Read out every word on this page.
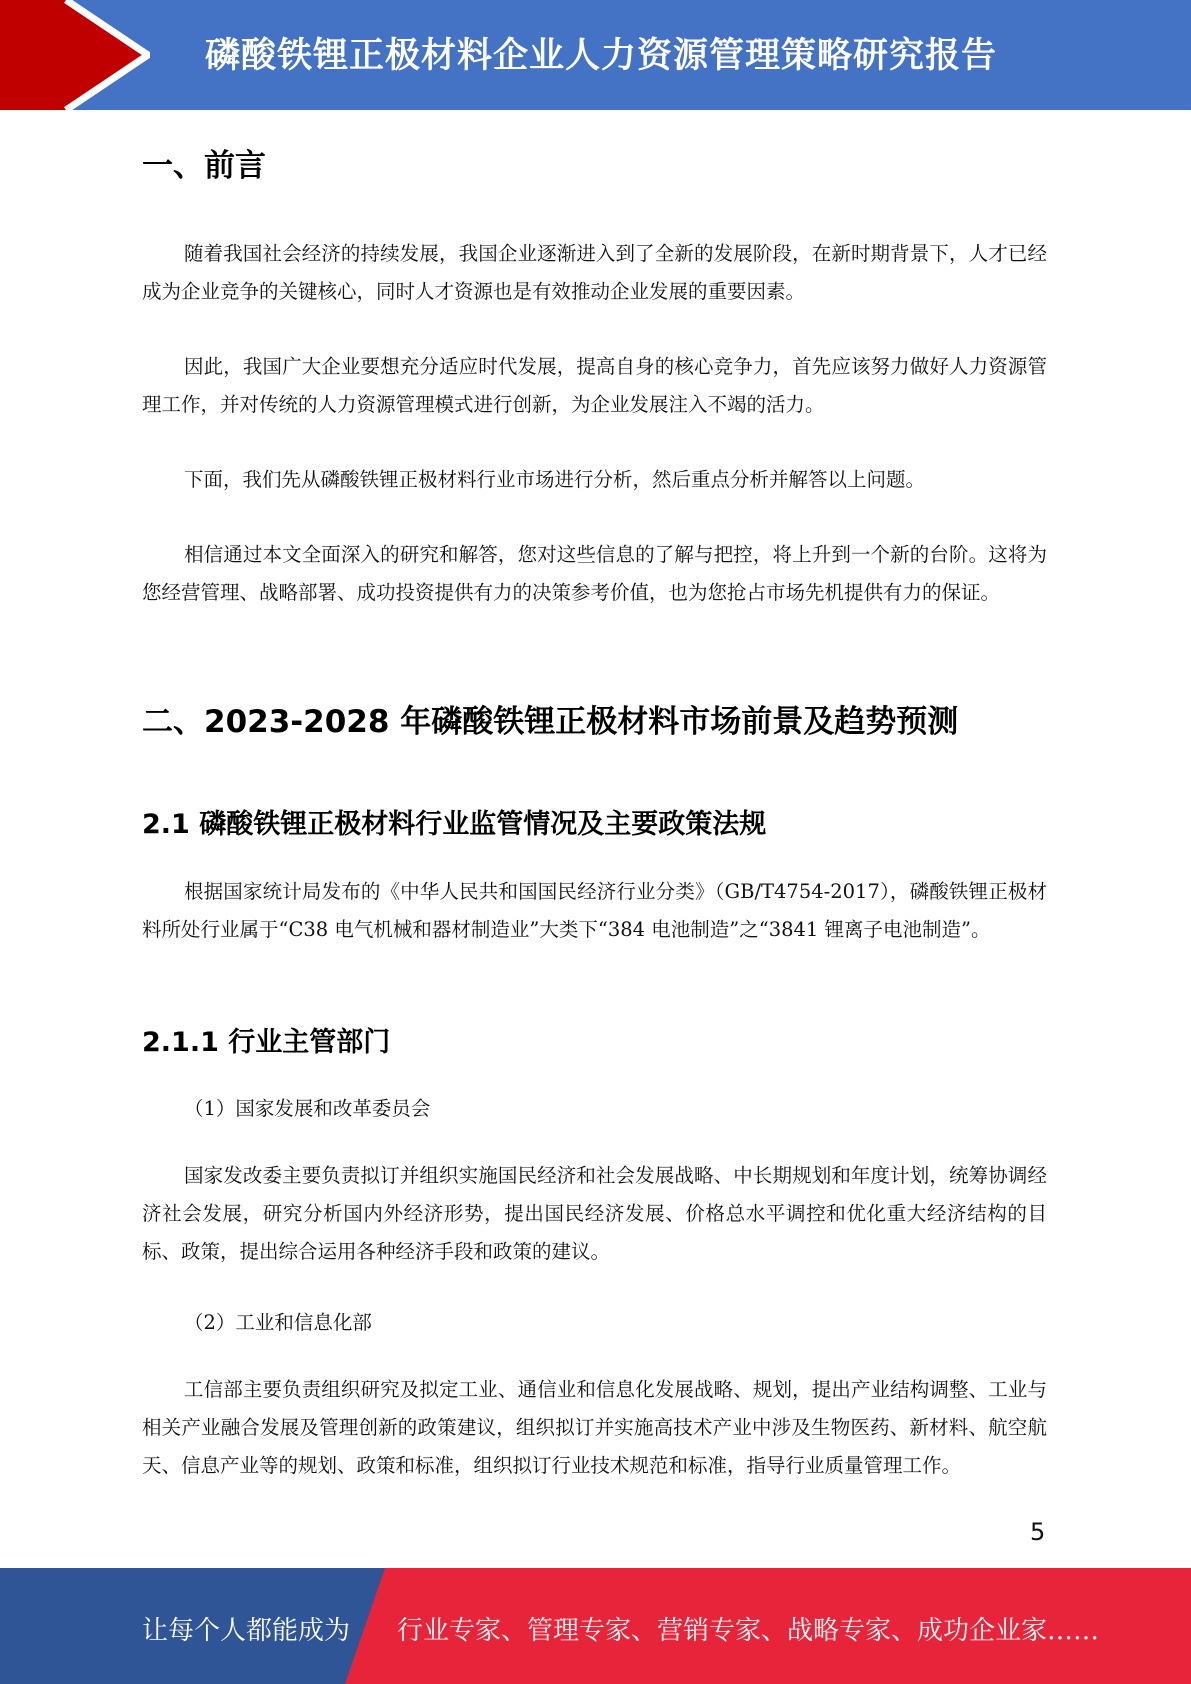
磷酸铁锂正极材料企业人力资源管理策略研究报告
一、前言

随着我国社会经济的持续发展，我国企业逐渐进入到了全新的发展阶段，在新时期背景下，人才已经成为企业竞争的关键核心，同时人才资源也是有效推动企业发展的重要因素。

因此，我国广大企业要想充分适应时代发展，提高自身的核心竞争力，首先应该努力做好人力资源管理工作，并对传统的人力资源管理模式进行创新，为企业发展注入不竭的活力。

下面，我们先从磷酸铁锂正极材料行业市场进行分析，然后重点分析并解答以上问题。

相信通过本文全面深入的研究和解答，您对这些信息的了解与把控，将上升到一个新的台阶。这将为您经营管理、战略部署、成功投资提供有力的决策参考价值，也为您抢占市场先机提供有力的保证。

二、2023-2028 年磷酸铁锂正极材料市场前景及趋势预测
2.1 磷酸铁锂正极材料行业监管情况及主要政策法规

根据国家统计局发布的《中华人民共和国国民经济行业分类》（GB/T4754-2017），磷酸铁锂正极材料所处行业属于“C38 电气机械和器材制造业”大类下“384 电池制造”之“3841 锂离子电池制造”。

2.1.1 行业主管部门

（1）国家发展和改革委员会

国家发改委主要负责拟订并组织实施国民经济和社会发展战略、中长期规划和年度计划，统筹协调经济社会发展，研究分析国内外经济形势，提出国民经济发展、价格总水平调控和优化重大经济结构的目标、政策，提出综合运用各种经济手段和政策的建议。

（2）工业和信息化部

工信部主要负责组织研究及拟定工业、通信业和信息化发展战略、规划，提出产业结构调整、工业与相关产业融合发展及管理创新的政策建议，组织拟订并实施高技术产业中涉及生物医药、新材料、航空航天、信息产业等的规划、政策和标准，组织拟订行业技术规范和标准，指导行业质量管理工作。

5
让每个人都能成为 行业专家、管理专家、营销专家、战略专家、成功企业家……
